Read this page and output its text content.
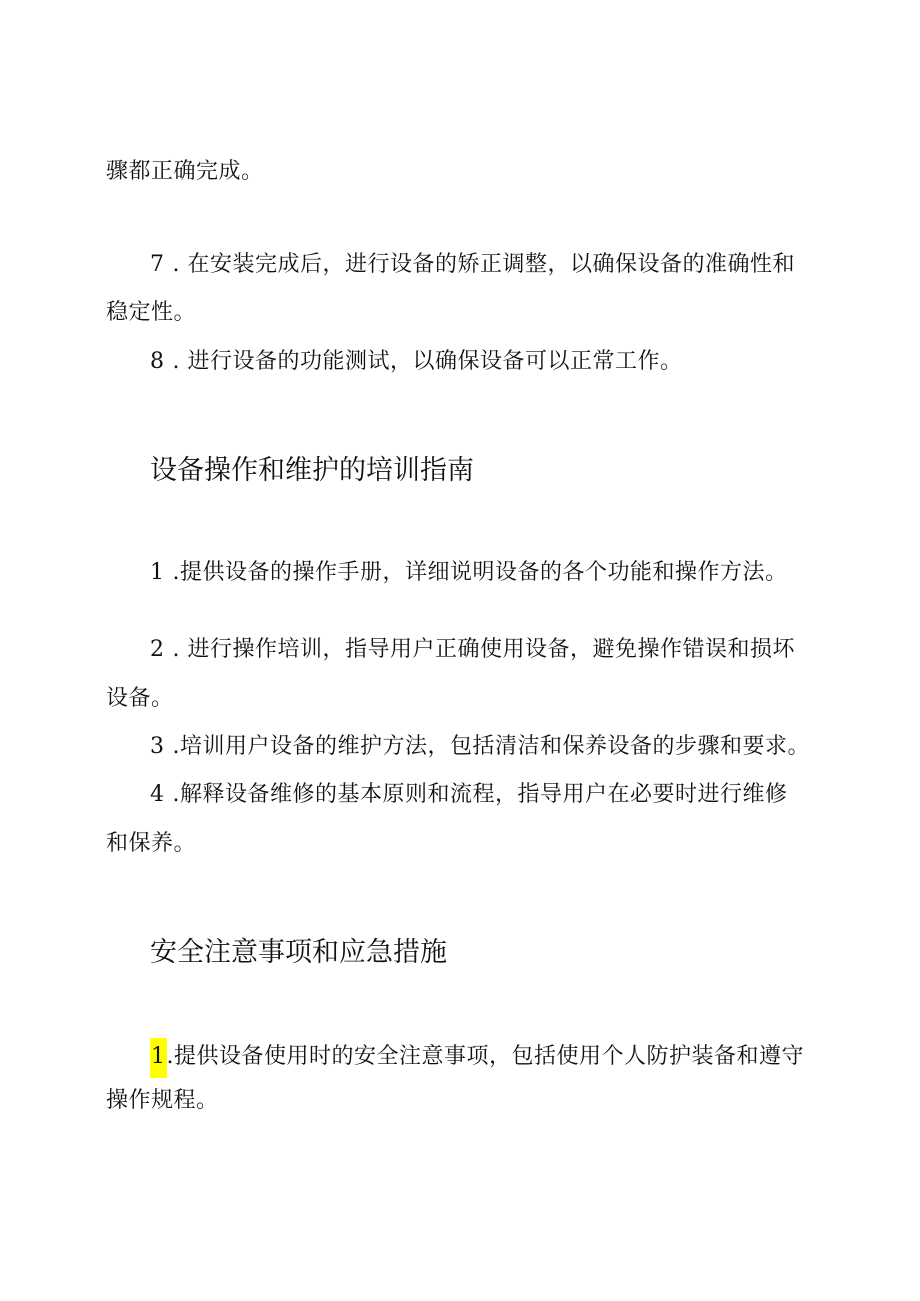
骤都正确完成。
7 . 在安装完成后，进行设备的矫正调整，以确保设备的准确性和
稳定性。
8 . 进行设备的功能测试，以确保设备可以正常工作。
设备操作和维护的培训指南
1 .提供设备的操作手册，详细说明设备的各个功能和操作方法。
2 . 进行操作培训，指导用户正确使用设备，避免操作错误和损坏
设备。
3 .培训用户设备的维护方法，包括清洁和保养设备的步骤和要求。
4 .解释设备维修的基本原则和流程，指导用户在必要时进行维修
和保养。
安全注意事项和应急措施
1.提供设备使用时的安全注意事项，包括使用个人防护装备和遵守
操作规程。
